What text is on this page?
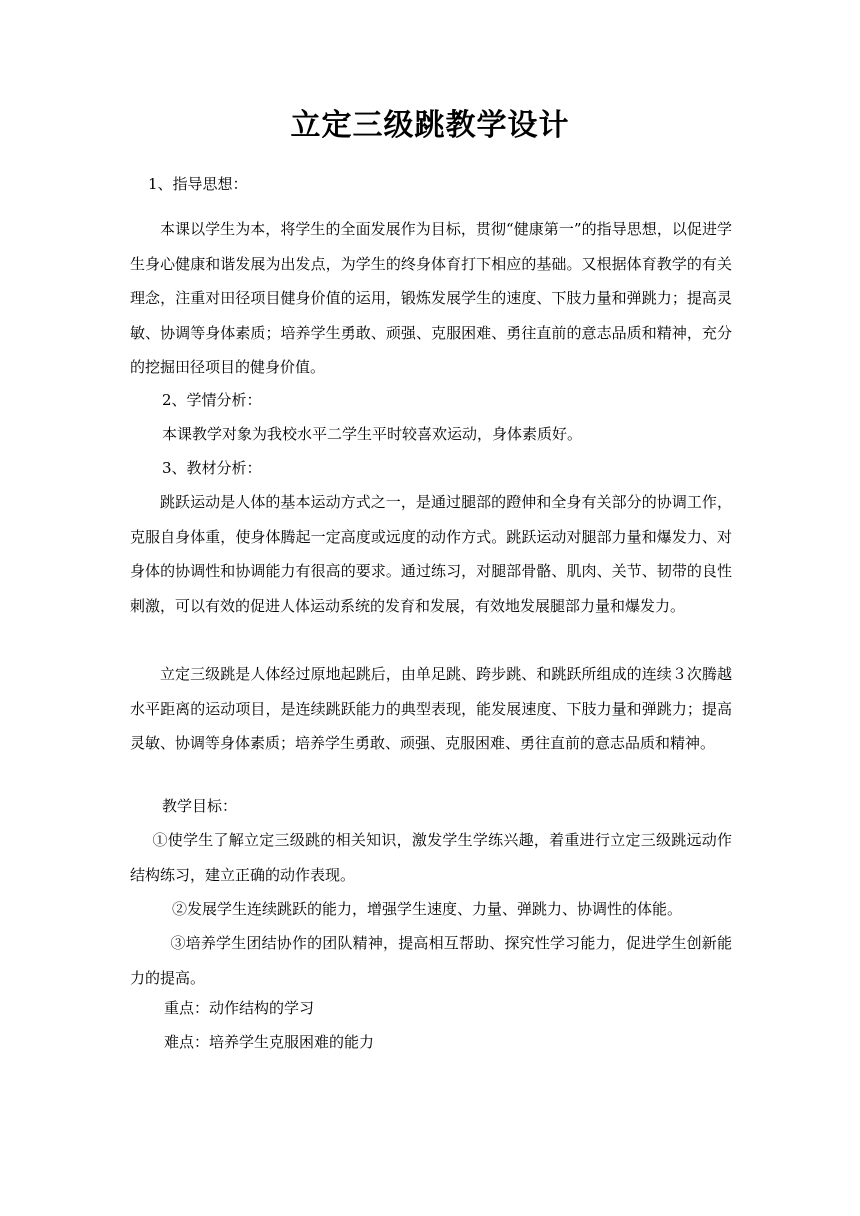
立定三级跳教学设计
1、指导思想：

本课以学生为本，将学生的全面发展作为目标，贯彻“健康第一”的指导思想，以促进学生身心健康和谐发展为出发点，为学生的终身体育打下相应的基础。又根据体育教学的有关理念，注重对田径项目健身价值的运用，锻炼发展学生的速度、下肢力量和弹跳力；提高灵敏、协调等身体素质；培养学生勇敢、顽强、克服困难、勇往直前的意志品质和精神，充分的挖掘田径项目的健身价值。

2、学情分析：
本课教学对象为我校水平二学生平时较喜欢运动，身体素质好。
3、教材分析：

跳跃运动是人体的基本运动方式之一，是通过腿部的蹬伸和全身有关部分的协调工作，克服自身体重，使身体腾起一定高度或远度的动作方式。跳跃运动对腿部力量和爆发力、对身体的协调性和协调能力有很高的要求。通过练习，对腿部骨骼、肌肉、关节、韧带的良性刺激，可以有效的促进人体运动系统的发育和发展，有效地发展腿部力量和爆发力。

立定三级跳是人体经过原地起跳后，由单足跳、跨步跳、和跳跃所组成的连续３次腾越水平距离的运动项目，是连续跳跃能力的典型表现，能发展速度、下肢力量和弹跳力；提高灵敏、协调等身体素质；培养学生勇敢、顽强、克服困难、勇往直前的意志品质和精神。

教学目标：

①使学生了解立定三级跳的相关知识，激发学生学练兴趣，着重进行立定三级跳远动作结构练习，建立正确的动作表现。

②发展学生连续跳跃的能力，增强学生速度、力量、弹跳力、协调性的体能。

③培养学生团结协作的团队精神，提高相互帮助、探究性学习能力，促进学生创新能力的提高。

重点：动作结构的学习
难点：培养学生克服困难的能力
